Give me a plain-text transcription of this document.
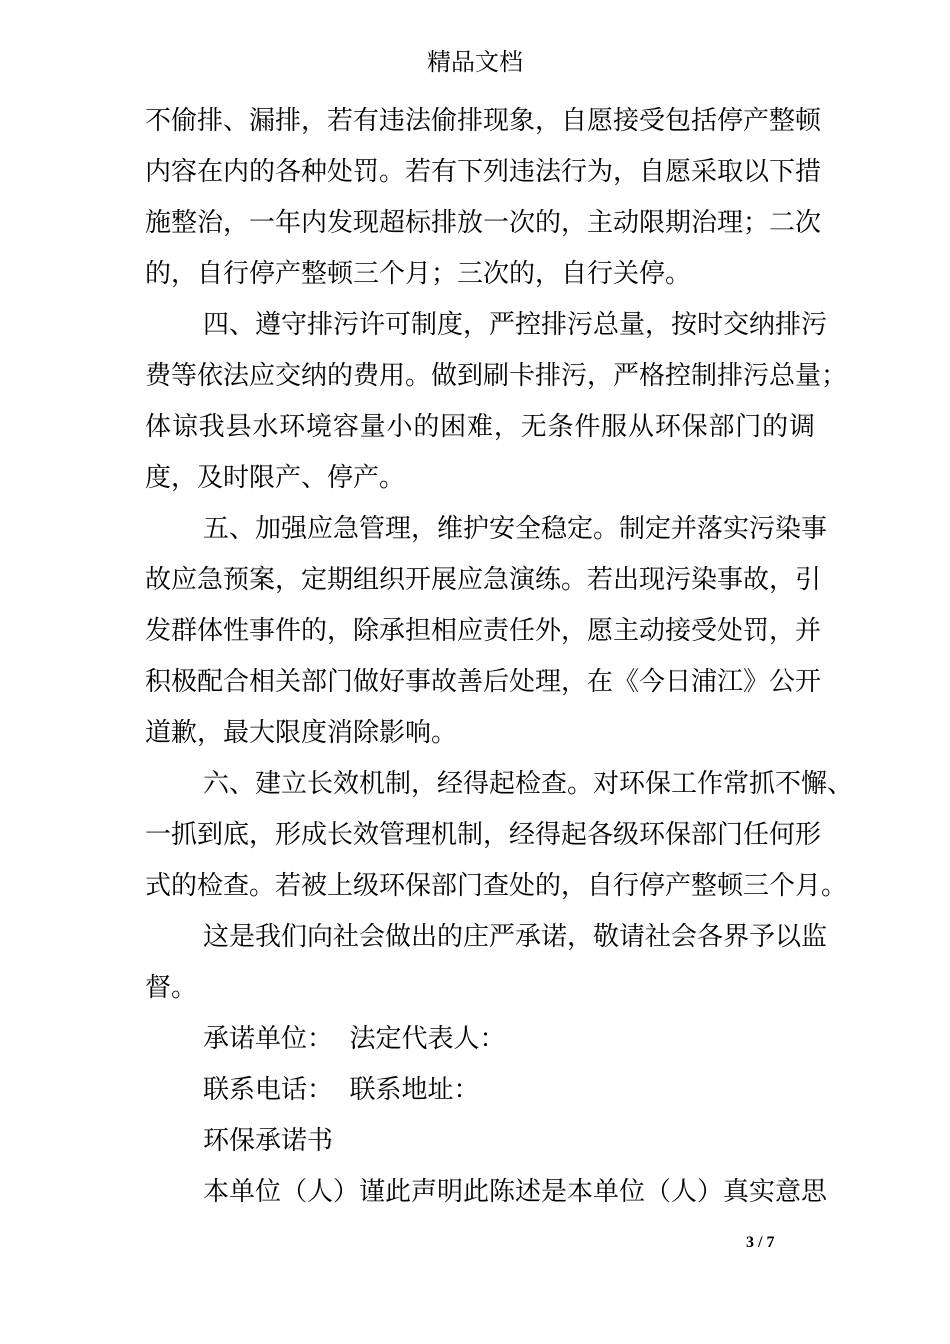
精品文档
不偷排、漏排，若有违法偷排现象，自愿接受包括停产整顿
内容在内的各种处罚。若有下列违法行为，自愿采取以下措
施整治，一年内发现超标排放一次的，主动限期治理；二次
的，自行停产整顿三个月；三次的，自行关停。
四、遵守排污许可制度，严控排污总量，按时交纳排污
费等依法应交纳的费用。做到刷卡排污，严格控制排污总量；
体谅我县水环境容量小的困难，无条件服从环保部门的调
度，及时限产、停产。
五、加强应急管理，维护安全稳定。制定并落实污染事
故应急预案，定期组织开展应急演练。若出现污染事故，引
发群体性事件的，除承担相应责任外，愿主动接受处罚，并
积极配合相关部门做好事故善后处理，在《今日浦江》公开
道歉，最大限度消除影响。
六、建立长效机制，经得起检查。对环保工作常抓不懈、
一抓到底，形成长效管理机制，经得起各级环保部门任何形
式的检查。若被上级环保部门查处的，自行停产整顿三个月。
这是我们向社会做出的庄严承诺，敬请社会各界予以监
督。
承诺单位：  法定代表人：
联系电话：  联系地址：
环保承诺书
本单位（人）谨此声明此陈述是本单位（人）真实意思
3 / 7
